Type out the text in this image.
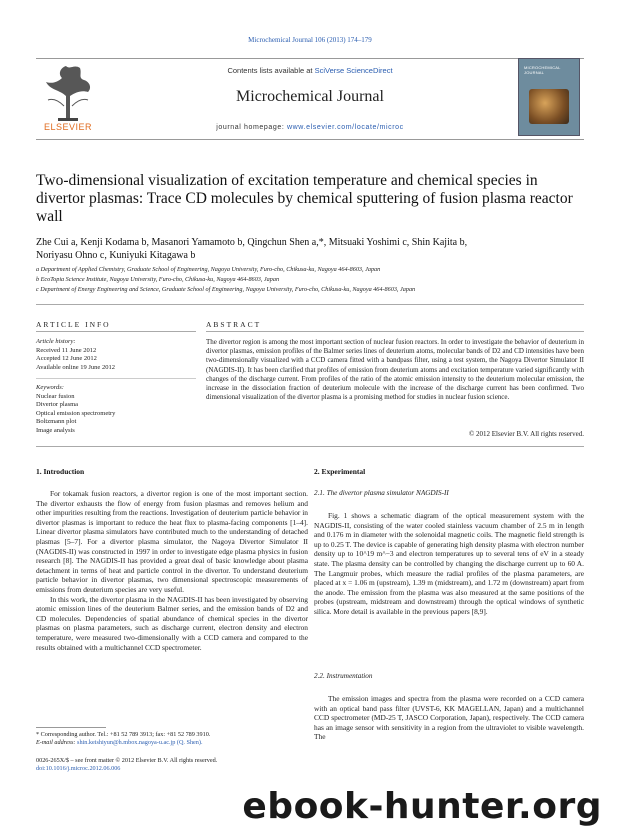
Microchemical Journal 106 (2013) 174–179
ELSEVIER
Contents lists available at SciVerse ScienceDirect
Microchemical Journal
journal homepage: www.elsevier.com/locate/microc
MICROCHEMICAL JOURNAL
Two-dimensional visualization of excitation temperature and chemical species in divertor plasmas: Trace CD molecules by chemical sputtering of fusion plasma reactor wall
Zhe Cui a, Kenji Kodama b, Masanori Yamamoto b, Qingchun Shen a,*, Mitsuaki Yoshimi c, Shin Kajita b,
Noriyasu Ohno c, Kuniyuki Kitagawa b
a Department of Applied Chemistry, Graduate School of Engineering, Nagoya University, Furo-cho, Chikusa-ku, Nagoya 464-8603, Japan
b EcoTopia Science Institute, Nagoya University, Furo-cho, Chikusa-ku, Nagoya 464-8603, Japan
c Department of Energy Engineering and Science, Graduate School of Engineering, Nagoya University, Furo-cho, Chikusa-ku, Nagoya 464-8603, Japan
ARTICLE INFO
Article history:
Received 11 June 2012
Accepted 12 June 2012
Available online 19 June 2012
Keywords:
Nuclear fusion
Divertor plasma
Optical emission spectrometry
Boltzmann plot
Image analysis
ABSTRACT
The divertor region is among the most important section of nuclear fusion reactors. In order to investigate the behavior of deuterium in divertor plasmas, emission profiles of the Balmer series lines of deuterium atoms, molecular bands of D2 and CD intensities have been two-dimensionally visualized with a CCD camera fitted with a bandpass filter, using a test system, the Nagoya Divertor Simulator II (NAGDIS-II). It has been clarified that profiles of emission from deuterium atoms and excitation temperature varied significantly with changes of the discharge current. From profiles of the ratio of the atomic emission intensity to the deuterium molecular emission, the increase in the dissociation fraction of deuterium molecule with the increase of the discharge current has been confirmed. Two dimensional visualization of the divertor plasma is a promising method for studies in nuclear fusion science.
© 2012 Elsevier B.V. All rights reserved.
1. Introduction

For tokamak fusion reactors, a divertor region is one of the most important section. The divertor exhausts the flow of energy from fusion plasmas and removes helium and other impurities resulting from the reactions. Investigation of deuterium particle behavior in divertor plasmas is important to reduce the heat flux to plasma-facing components [1–4]. Linear divertor plasma simulators have contributed much to the understanding of detached plasmas [5–7]. For a divertor plasma simulator, the Nagoya Divertor Simulator II (NAGDIS-II) was constructed in 1997 in order to investigate edge plasma physics in fusion research [8]. The NAGDIS-II has provided a great deal of basic knowledge about plasma detachment in terms of heat and particle control in the divertor. To understand deuterium particle behavior in divertor plasmas, two dimensional spectroscopic measurements of emissions from deuterium species are very useful.

In this work, the divertor plasma in the NAGDIS-II has been investigated by observing atomic emission lines of the deuterium Balmer series, and the emission bands of D2 and CD molecules. Dependencies of spatial abundance of chemical species in the divertor plasmas on plasma parameters, such as discharge current, electron density and electron temperature, were measured two-dimensionally with a CCD camera and compared to the results obtained with a multichannel CCD spectrometer.

2. Experimental
2.1. The divertor plasma simulator NAGDIS-II

Fig. 1 shows a schematic diagram of the optical measurement system with the NAGDIS-II, consisting of the water cooled stainless vacuum chamber of 2.5 m in length and 0.176 m in diameter with the solenoidal magnetic coils. The magnetic field strength is up to 0.25 T. The device is capable of generating high density plasma with electron number density up to 10^19 m^−3 and electron temperatures up to several tens of eV in a steady state. The plasma density can be controlled by changing the discharge current up to 60 A. The Langmuir probes, which measure the radial profiles of the plasma parameters, are placed at x = 1.06 m (upstream), 1.39 m (midstream), and 1.72 m (downstream) apart from the anode. The emission from the plasma was also measured at the same positions of the probes (upstream, midstream and downstream) through the optical windows of synthetic silica. More detail is available in the previous papers [8,9].

2.2. Instrumentation

The emission images and spectra from the plasma were recorded on a CCD camera with an optical band pass filter (UVST-6, KK MAGELLAN, Japan) and a multichannel CCD spectrometer (MD-25 T, JASCO Corporation, Japan), respectively. The CCD camera has an image sensor with sensitivity in a region from the ultraviolet to visible wavelength. The

* Corresponding author. Tel.: +81 52 789 3913; fax: +81 52 789 3910.
E-mail address: shin.keishiyun@h.mbox.nagoya-u.ac.jp (Q. Shen).
0026-265X/$ – see front matter © 2012 Elsevier B.V. All rights reserved.
doi:10.1016/j.microc.2012.06.006
ebook-hunter.org
